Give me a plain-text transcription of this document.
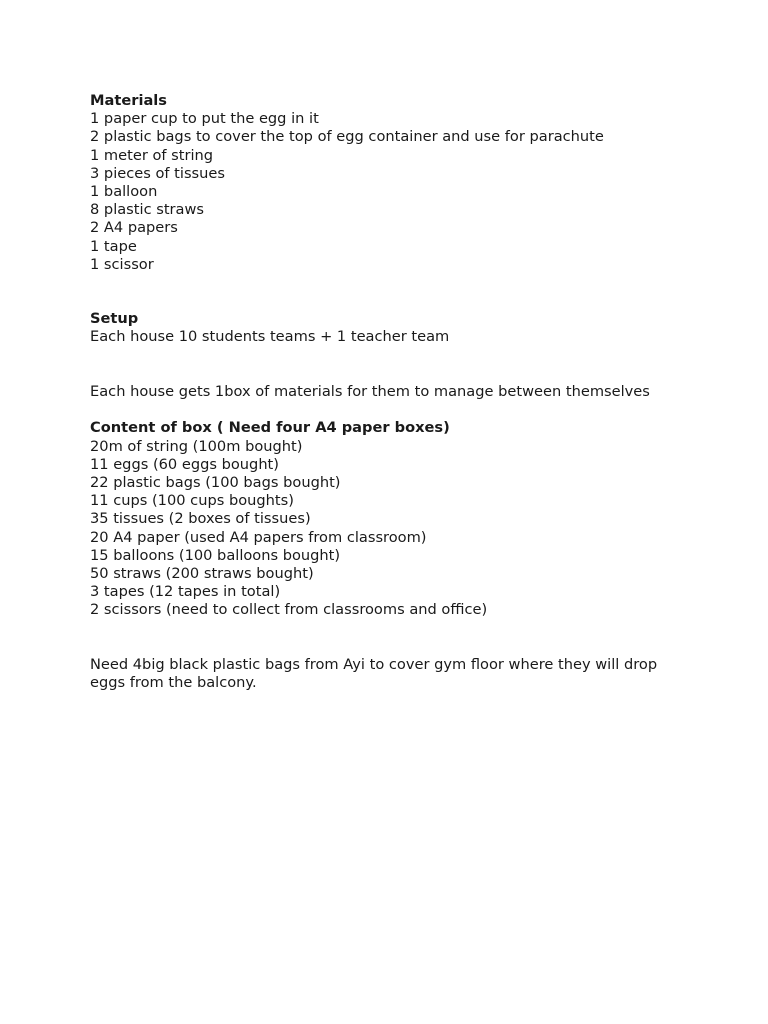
Materials
1 paper cup to put the egg in it
2 plastic bags to cover the top of egg container and use for parachute
1 meter of string
3 pieces of tissues
1 balloon
8 plastic straws
2 A4 papers
1 tape
1 scissor
Setup
Each house 10 students teams + 1 teacher team
Each house gets 1box of materials for them to manage between themselves
Content of box ( Need four A4 paper boxes)
20m of string (100m bought)
11 eggs (60 eggs bought)
22 plastic bags (100 bags bought)
11 cups (100 cups boughts)
35 tissues (2 boxes of tissues)
20 A4 paper (used A4 papers from classroom)
15 balloons (100 balloons bought)
50 straws (200 straws bought)
3 tapes (12 tapes in total)
2 scissors (need to collect from classrooms and office)
Need 4big black plastic bags from Ayi to cover gym floor where they will drop eggs from the balcony.
